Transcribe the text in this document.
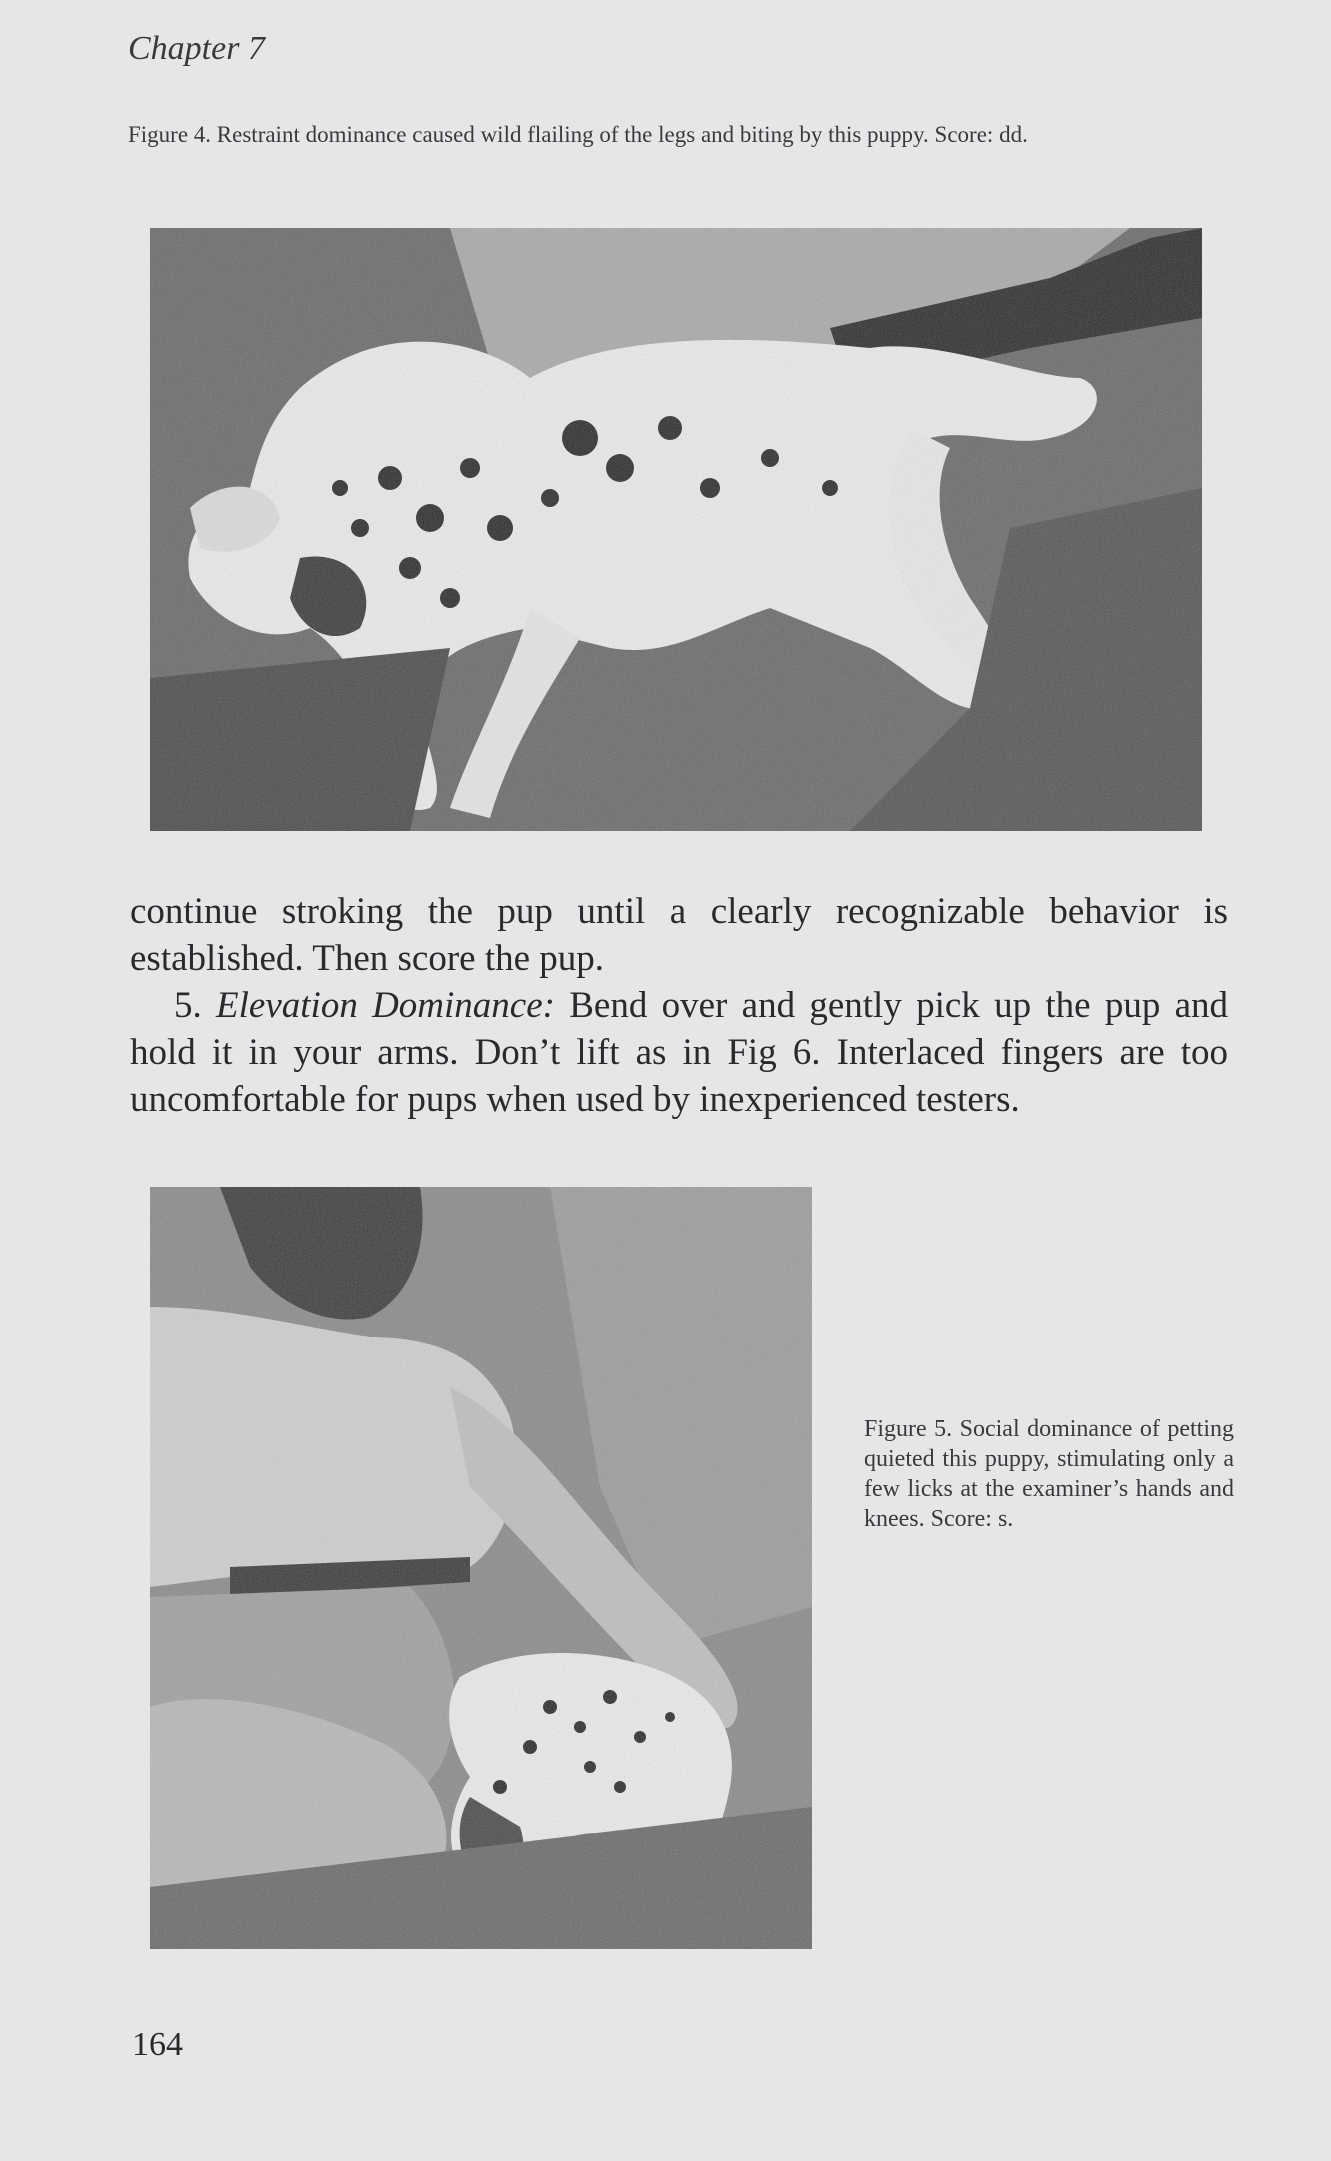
Chapter 7
Figure 4. Restraint dominance caused wild flailing of the legs and biting by this puppy. Score: dd.

continue stroking the pup until a clearly recognizable behavior is established. Then score the pup.

5. Elevation Dominance: Bend over and gently pick up the pup and hold it in your arms. Don’t lift as in Fig 6. Interlaced fingers are too uncomfortable for pups when used by inexperienced testers.

Figure 5. Social dominance of petting quieted this puppy, stimulating only a few licks at the examiner’s hands and knees. Score: s.
164
